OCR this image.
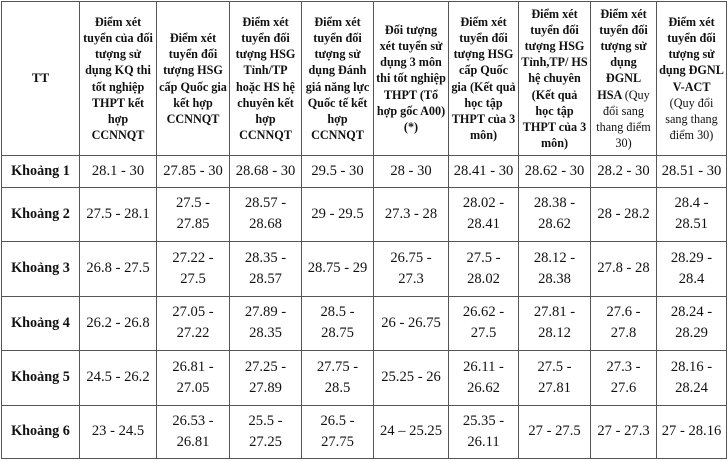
TT	Điểm xét tuyển của đối tượng sử dụng KQ thi tốt nghiệp THPT kết hợp CCNNQT	Điểm xét tuyển đối tượng HSG cấp Quốc gia kết hợp CCNNQT	Điểm xét tuyển đối tượng HSG Tỉnh/TP hoặc HS hệ chuyên kết hợp CCNNQT	Điểm xét tuyển đối tượng sử dụng Đánh giá năng lực Quốc tế kết hợp CCNNQT	Đối tượng xét tuyển sử dụng 3 môn thi tốt nghiệp THPT (Tổ hợp gốc A00) (*)	Điểm xét tuyển đối tượng HSG cấp Quốc gia (Kết quả học tập THPT của 3 môn)	Điểm xét tuyển đối tượng HSG Tỉnh,TP/ HS hệ chuyên (Kết quả học tập THPT của 3 môn)	Điểm xét tuyển đối tượng sử dụng ĐGNL HSA (Quy đổi sang thang điểm 30)	Điểm xét tuyển đối tượng sử dụng ĐGNL V-ACT (Quy đổi sang thang điểm 30)
Khoảng 1	28.1 - 30	27.85 - 30	28.68 - 30	29.5 - 30	28 - 30	28.41 - 30	28.62 - 30	28.2 - 30	28.51 - 30
Khoảng 2	27.5 - 28.1	27.5 - 27.85	28.57 - 28.68	29 - 29.5	27.3 - 28	28.02 - 28.41	28.38 - 28.62	28 - 28.2	28.4 - 28.51
Khoảng 3	26.8 - 27.5	27.22 - 27.5	28.35 - 28.57	28.75 - 29	26.75 - 27.3	27.5 - 28.02	28.12 - 28.38	27.8 - 28	28.29 - 28.4
Khoảng 4	26.2 - 26.8	27.05 - 27.22	27.89 - 28.35	28.5 - 28.75	26 - 26.75	26.62 - 27.5	27.81 - 28.12	27.6 - 27.8	28.24 - 28.29
Khoảng 5	24.5 - 26.2	26.81 - 27.05	27.25 - 27.89	27.75 - 28.5	25.25 - 26	26.11 - 26.62	27.5 - 27.81	27.3 - 27.6	28.16 - 28.24
Khoảng 6	23 - 24.5	26.53 - 26.81	25.5 - 27.25	26.5 - 27.75	24 – 25.25	25.35 - 26.11	27 - 27.5	27 - 27.3	27 - 28.16
